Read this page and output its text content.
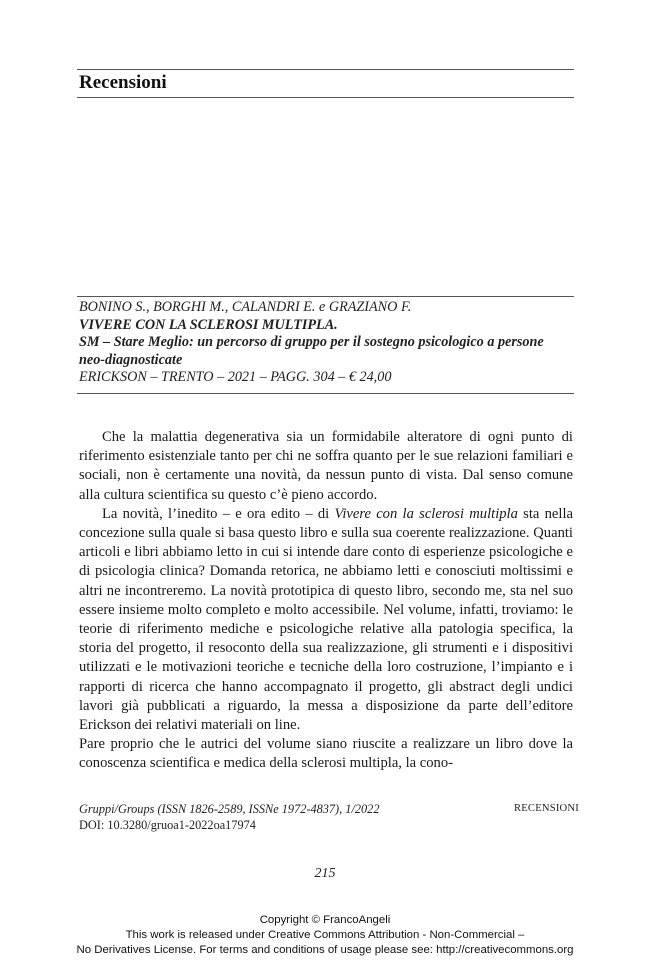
Recensioni
BONINO S., BORGHI M., CALANDRI E. e GRAZIANO F.
VIVERE CON LA SCLEROSI MULTIPLA.
SM – Stare Meglio: un percorso di gruppo per il sostegno psicologico a persone neo-diagnosticate
ERICKSON – TRENTO – 2021 – PAGG. 304 – € 24,00

Che la malattia degenerativa sia un formidabile alteratore di ogni punto di riferimento esistenziale tanto per chi ne soffra quanto per le sue relazioni familiari e sociali, non è certamente una novità, da nessun punto di vista. Dal senso comune alla cultura scientifica su questo c’è pieno accordo.

La novità, l’inedito – e ora edito – di Vivere con la sclerosi multipla sta nella concezione sulla quale si basa questo libro e sulla sua coerente realizzazione. Quanti articoli e libri abbiamo letto in cui si intende dare conto di esperienze psicologiche e di psicologia clinica? Domanda retorica, ne abbiamo letti e conosciuti moltissimi e altri ne incontreremo. La novità prototipica di questo libro, secondo me, sta nel suo essere insieme molto completo e molto accessibile. Nel volume, infatti, troviamo: le teorie di riferimento mediche e psicologiche relative alla patologia specifica, la storia del progetto, il resoconto della sua realizzazione, gli strumenti e i dispositivi utilizzati e le motivazioni teoriche e tecniche della loro costruzione, l’impianto e i rapporti di ricerca che hanno accompagnato il progetto, gli abstract degli undici lavori già pubblicati a riguardo, la messa a disposizione da parte dell’editore Erickson dei relativi materiali on line.

Pare proprio che le autrici del volume siano riuscite a realizzare un libro dove la conoscenza scientifica e medica della sclerosi multipla, la cono-

Gruppi/Groups (ISSN 1826-2589, ISSNe 1972-4837), 1/2022
DOI: 10.3280/gruoa1-2022oa17974
RECENSIONI
215
Copyright © FrancoAngeli
This work is released under Creative Commons Attribution - Non-Commercial –
No Derivatives License. For terms and conditions of usage please see: http://creativecommons.org
